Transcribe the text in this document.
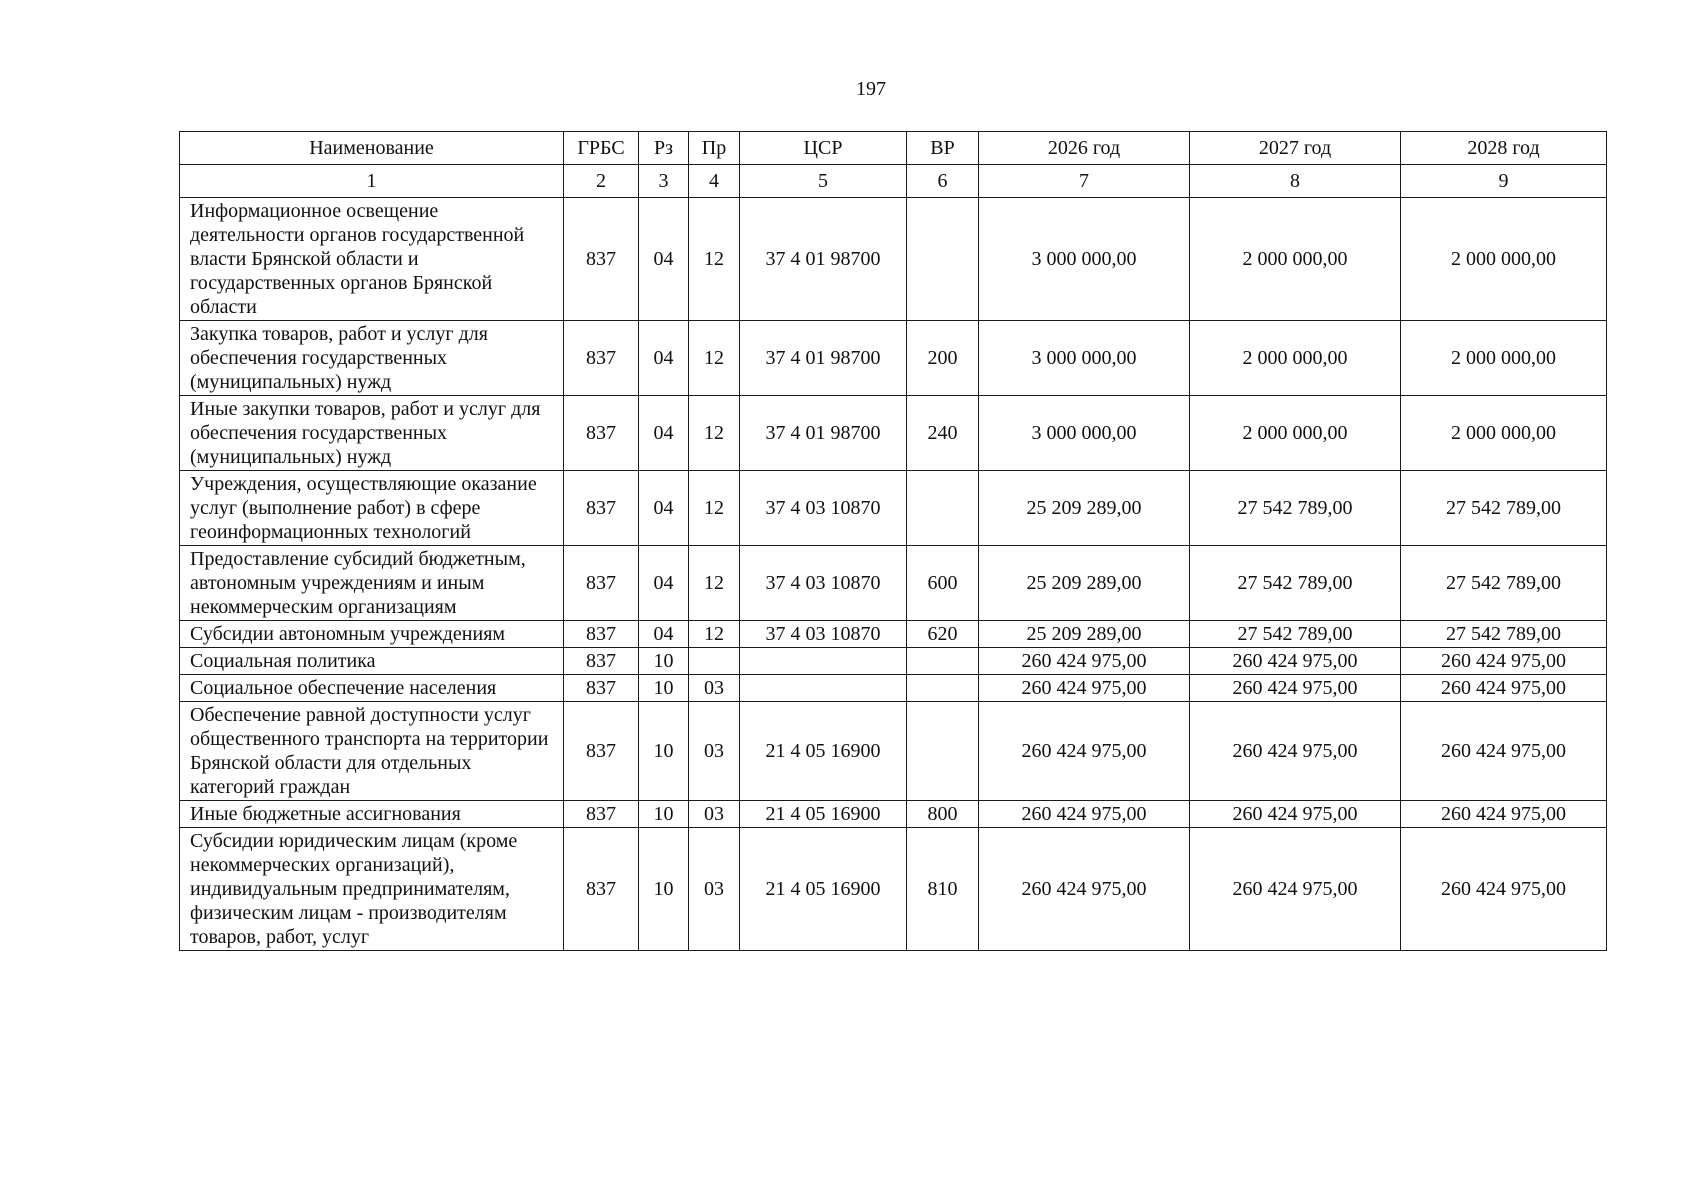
197
Наименование	ГРБС	Рз	Пр	ЦСР	ВР	2026 год	2027 год	2028 год
1	2	3	4	5	6	7	8	9
Информационное освещение деятельности органов государственной власти Брянской области и государственных органов Брянской области	837	04	12	37 4 01 98700		3 000 000,00	2 000 000,00	2 000 000,00
Закупка товаров, работ и услуг для обеспечения государственных (муниципальных) нужд	837	04	12	37 4 01 98700	200	3 000 000,00	2 000 000,00	2 000 000,00
Иные закупки товаров, работ и услуг для обеспечения государственных (муниципальных) нужд	837	04	12	37 4 01 98700	240	3 000 000,00	2 000 000,00	2 000 000,00
Учреждения, осуществляющие оказание услуг (выполнение работ) в сфере геоинформационных технологий	837	04	12	37 4 03 10870		25 209 289,00	27 542 789,00	27 542 789,00
Предоставление субсидий бюджетным, автономным учреждениям и иным некоммерческим организациям	837	04	12	37 4 03 10870	600	25 209 289,00	27 542 789,00	27 542 789,00
Субсидии автономным учреждениям	837	04	12	37 4 03 10870	620	25 209 289,00	27 542 789,00	27 542 789,00
Социальная политика	837	10				260 424 975,00	260 424 975,00	260 424 975,00
Социальное обеспечение населения	837	10	03			260 424 975,00	260 424 975,00	260 424 975,00
Обеспечение равной доступности услуг общественного транспорта на территории Брянской области для отдельных категорий граждан	837	10	03	21 4 05 16900		260 424 975,00	260 424 975,00	260 424 975,00
Иные бюджетные ассигнования	837	10	03	21 4 05 16900	800	260 424 975,00	260 424 975,00	260 424 975,00
Субсидии юридическим лицам (кроме некоммерческих организаций), индивидуальным предпринимателям, физическим лицам - производителям товаров, работ, услуг	837	10	03	21 4 05 16900	810	260 424 975,00	260 424 975,00	260 424 975,00
